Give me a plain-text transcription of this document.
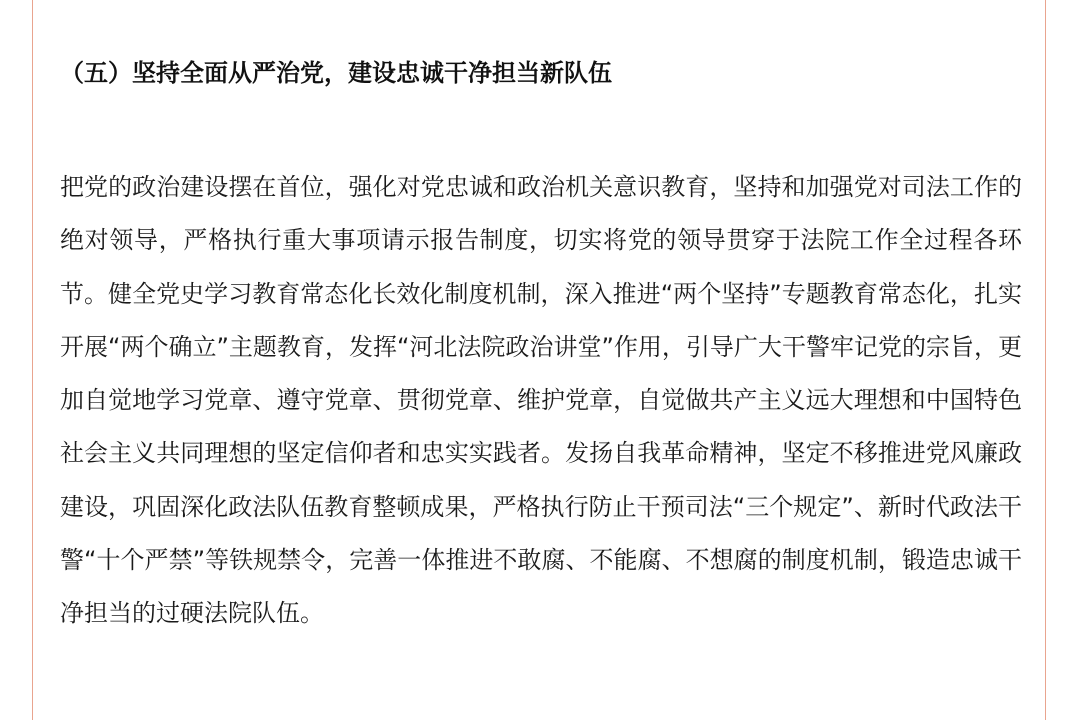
（五）坚持全面从严治党，建设忠诚干净担当新队伍

把党的政治建设摆在首位，强化对党忠诚和政治机关意识教育，坚持和加强党对司法工作的绝对领导，严格执行重大事项请示报告制度，切实将党的领导贯穿于法院工作全过程各环节。健全党史学习教育常态化长效化制度机制，深入推进“两个坚持”专题教育常态化，扎实开展“两个确立”主题教育，发挥“河北法院政治讲堂”作用，引导广大干警牢记党的宗旨，更加自觉地学习党章、遵守党章、贯彻党章、维护党章，自觉做共产主义远大理想和中国特色社会主义共同理想的坚定信仰者和忠实实践者。发扬自我革命精神，坚定不移推进党风廉政建设，巩固深化政法队伍教育整顿成果，严格执行防止干预司法“三个规定”、新时代政法干警“十个严禁”等铁规禁令，完善一体推进不敢腐、不能腐、不想腐的制度机制，锻造忠诚干净担当的过硬法院队伍。
